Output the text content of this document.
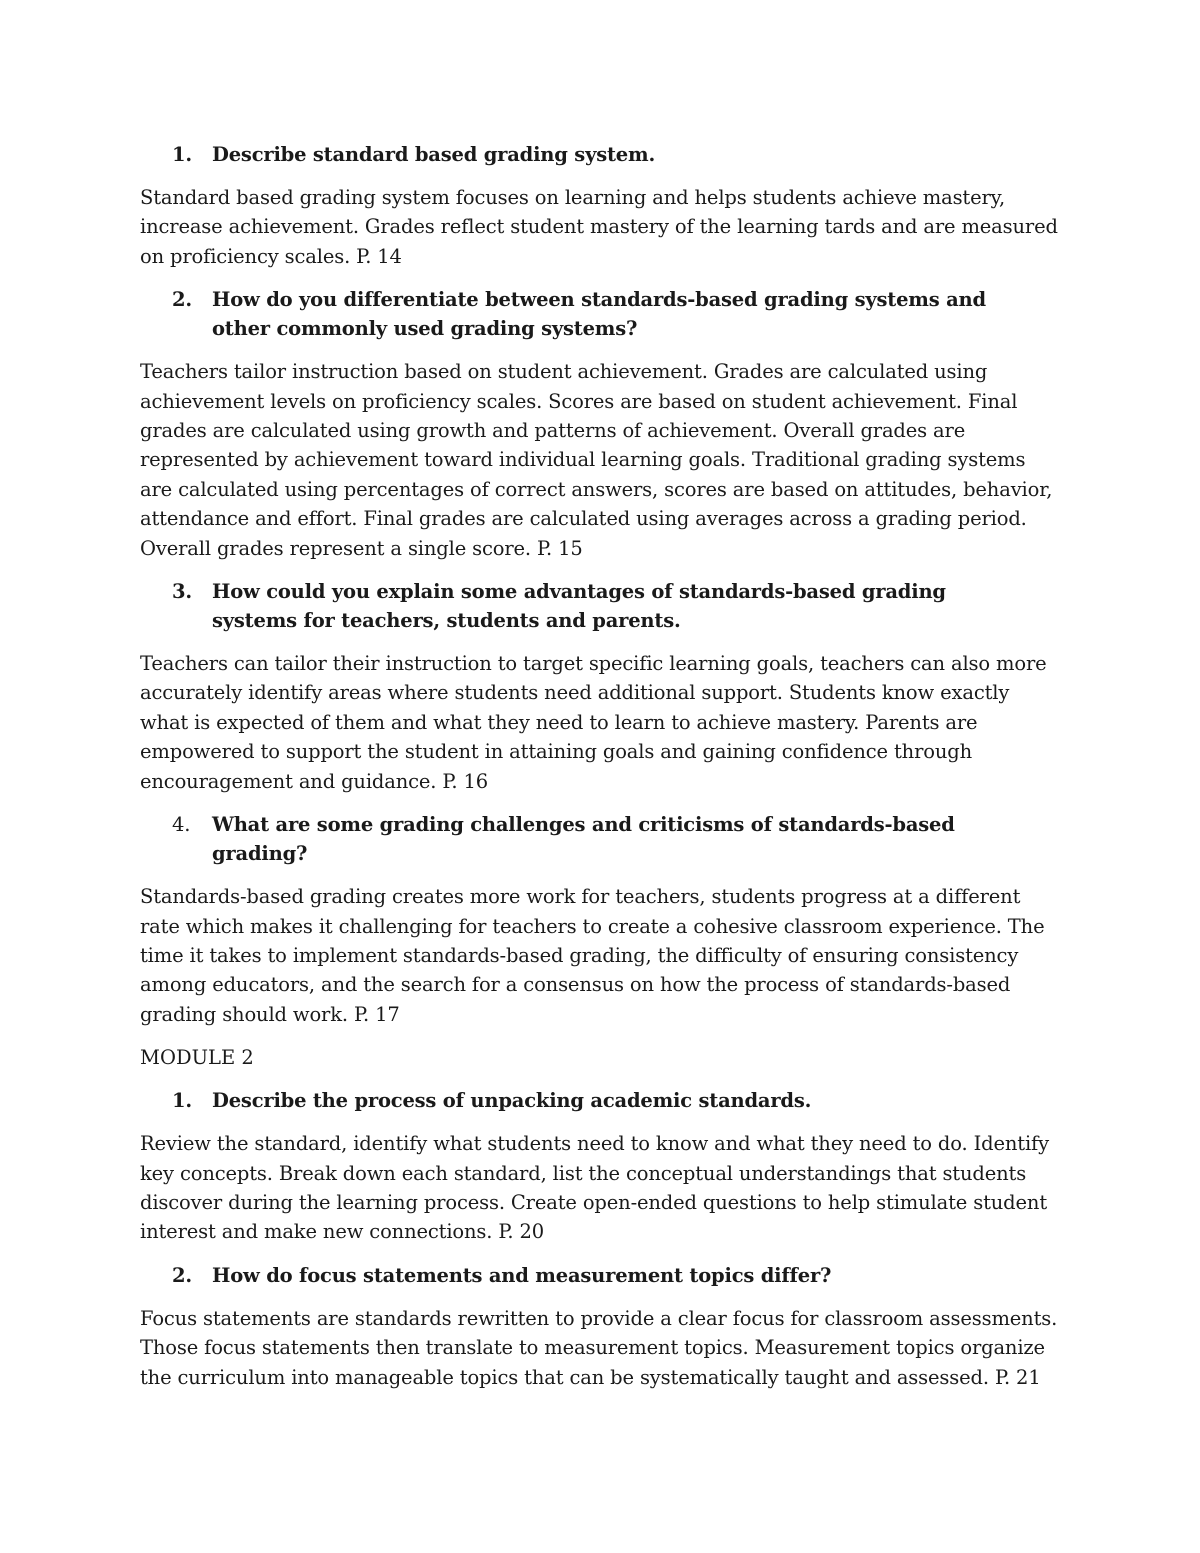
1.	Describe standard based grading system.

Standard based grading system focuses on learning and helps students achieve mastery, increase achievement. Grades reflect student mastery of the learning tards and are measured on proficiency scales. P. 14

2.	How do you differentiate between standards-based grading systems and other commonly used grading systems?

Teachers tailor instruction based on student achievement. Grades are calculated using achievement levels on proficiency scales. Scores are based on student achievement. Final grades are calculated using growth and patterns of achievement. Overall grades are represented by achievement toward individual learning goals. Traditional grading systems are calculated using percentages of correct answers, scores are based on attitudes, behavior, attendance and effort. Final grades are calculated using averages across a grading period. Overall grades represent a single score. P. 15

3.	How could you explain some advantages of standards-based grading systems for teachers, students and parents.

Teachers can tailor their instruction to target specific learning goals, teachers can also more accurately identify areas where students need additional support. Students know exactly what is expected of them and what they need to learn to achieve mastery. Parents are empowered to support the student in attaining goals and gaining confidence through encouragement and guidance. P. 16

4.	What are some grading challenges and criticisms of standards-based grading?

Standards-based grading creates more work for teachers, students progress at a different rate which makes it challenging for teachers to create a cohesive classroom experience. The time it takes to implement standards-based grading, the difficulty of ensuring consistency among educators, and the search for a consensus on how the process of standards-based grading should work. P. 17

MODULE 2

1.	Describe the process of unpacking academic standards.

Review the standard, identify what students need to know and what they need to do. Identify key concepts. Break down each standard, list the conceptual understandings that students discover during the learning process. Create open-ended questions to help stimulate student interest and make new connections. P. 20

2.	How do focus statements and measurement topics differ?

Focus statements are standards rewritten to provide a clear focus for classroom assessments. Those focus statements then translate to measurement topics. Measurement topics organize the curriculum into manageable topics that can be systematically taught and assessed. P. 21
